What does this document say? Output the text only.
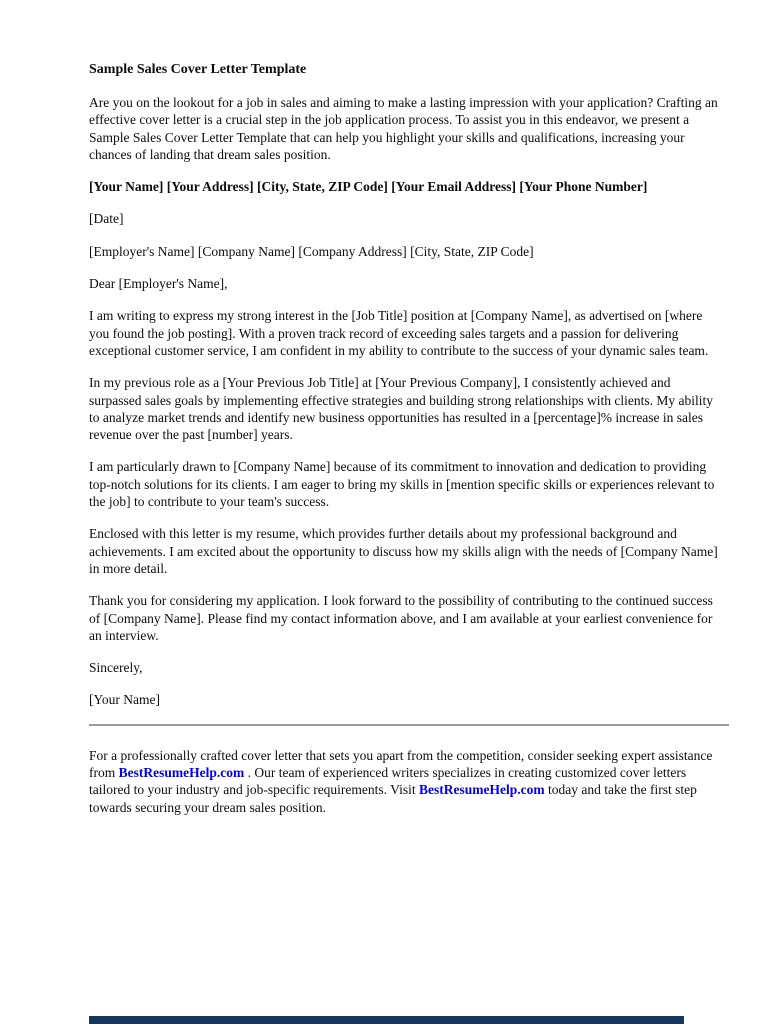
Sample Sales Cover Letter Template

Are you on the lookout for a job in sales and aiming to make a lasting impression with your application? Crafting an effective cover letter is a crucial step in the job application process. To assist you in this endeavor, we present a Sample Sales Cover Letter Template that can help you highlight your skills and qualifications, increasing your chances of landing that dream sales position.

[Your Name] [Your Address] [City, State, ZIP Code] [Your Email Address] [Your Phone Number]

[Date]

[Employer's Name] [Company Name] [Company Address] [City, State, ZIP Code]

Dear [Employer's Name],

I am writing to express my strong interest in the [Job Title] position at [Company Name], as advertised on [where you found the job posting]. With a proven track record of exceeding sales targets and a passion for delivering exceptional customer service, I am confident in my ability to contribute to the success of your dynamic sales team.

In my previous role as a [Your Previous Job Title] at [Your Previous Company], I consistently achieved and surpassed sales goals by implementing effective strategies and building strong relationships with clients. My ability to analyze market trends and identify new business opportunities has resulted in a [percentage]% increase in sales revenue over the past [number] years.

I am particularly drawn to [Company Name] because of its commitment to innovation and dedication to providing top-notch solutions for its clients. I am eager to bring my skills in [mention specific skills or experiences relevant to the job] to contribute to your team's success.

Enclosed with this letter is my resume, which provides further details about my professional background and achievements. I am excited about the opportunity to discuss how my skills align with the needs of [Company Name] in more detail.

Thank you for considering my application. I look forward to the possibility of contributing to the continued success of [Company Name]. Please find my contact information above, and I am available at your earliest convenience for an interview.

Sincerely,

[Your Name]

For a professionally crafted cover letter that sets you apart from the competition, consider seeking expert assistance from BestResumeHelp.com . Our team of experienced writers specializes in creating customized cover letters tailored to your industry and job-specific requirements. Visit BestResumeHelp.com today and take the first step towards securing your dream sales position.
